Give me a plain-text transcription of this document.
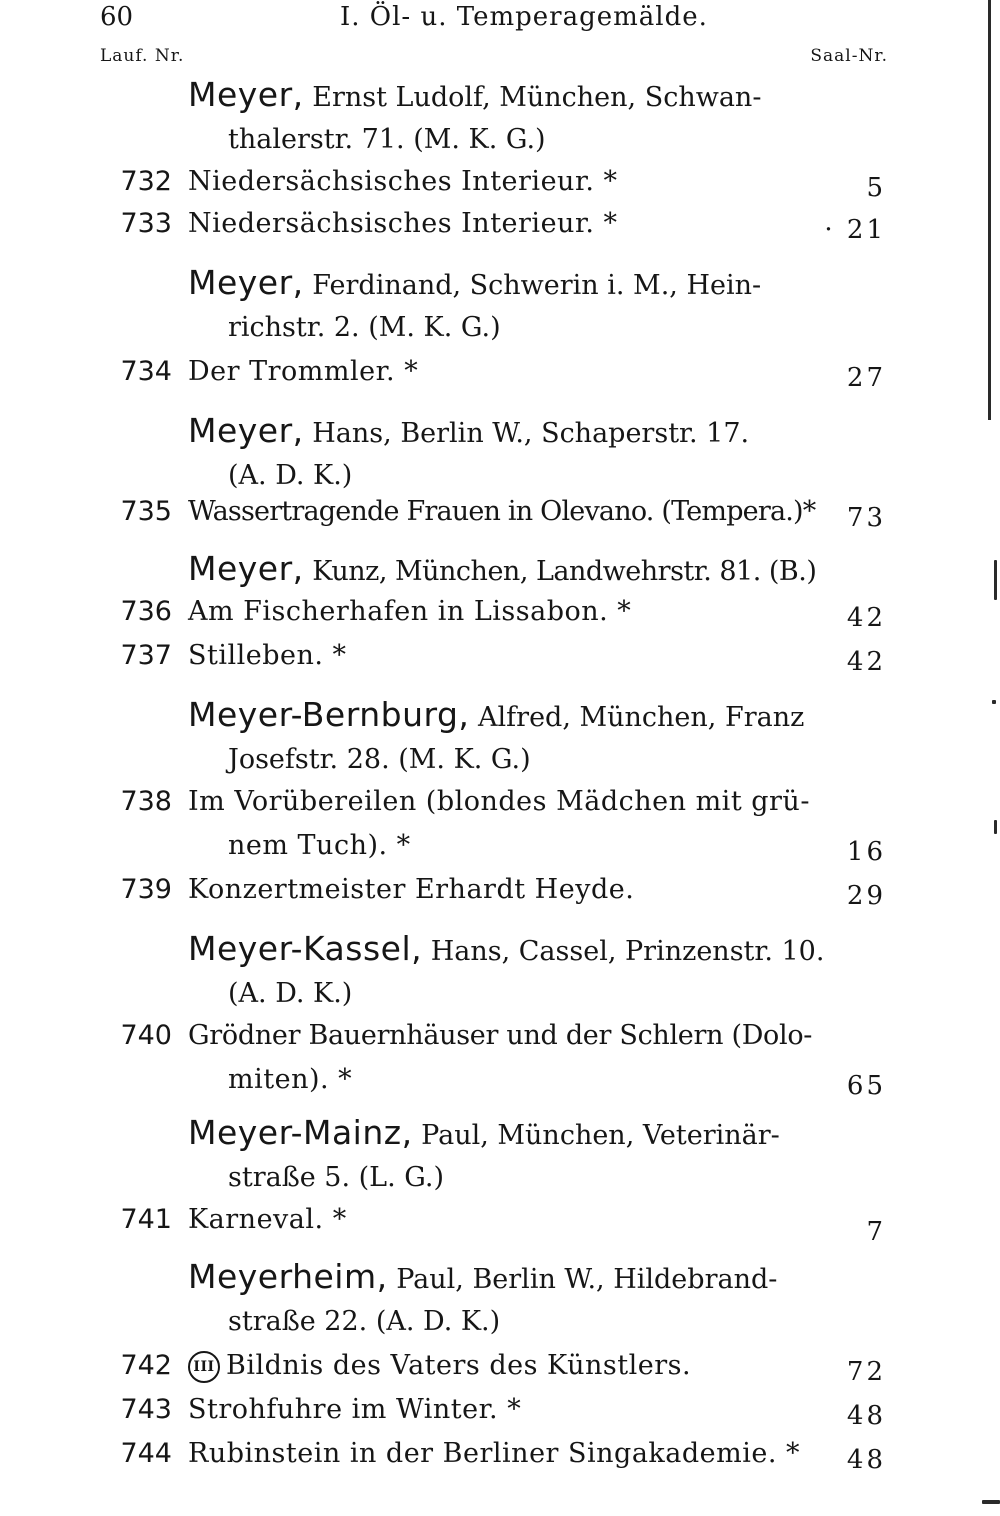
60	I. Öl- u. Temperagemälde.
Lauf. Nr.	Saal-Nr.
Meyer, Ernst Ludolf, München, Schwan-
thalerstr. 71. (M. K. G.)
732 Niedersächsisches Interieur. *	5
733 Niedersächsisches Interieur. *	· 21
Meyer, Ferdinand, Schwerin i. M., Hein-
richstr. 2. (M. K. G.)
734 Der Trommler. *	27
Meyer, Hans, Berlin W., Schaperstr. 17.
(A. D. K.)
735 Wassertragende Frauen in Olevano. (Tempera.)*	73
Meyer, Kunz, München, Landwehrstr. 81. (B.)
736 Am Fischerhafen in Lissabon. *	42
737 Stilleben. *	42
Meyer-Bernburg, Alfred, München, Franz
Josefstr. 28. (M. K. G.)
738 Im Vorübereilen (blondes Mädchen mit grü-
nem Tuch). *	16
739 Konzertmeister Erhardt Heyde.	29
Meyer-Kassel, Hans, Cassel, Prinzenstr. 10.
(A. D. K.)
740 Grödner Bauernhäuser und der Schlern (Dolo-
miten). *	65
Meyer-Mainz, Paul, München, Veterinär-
straße 5. (L. G.)
741 Karneval. *	7
Meyerheim, Paul, Berlin W., Hildebrand-
straße 22. (A. D. K.)
742	III Bildnis des Vaters des Künstlers.	72
743 Strohfuhre im Winter. *	48
744 Rubinstein in der Berliner Singakademie. *	48
